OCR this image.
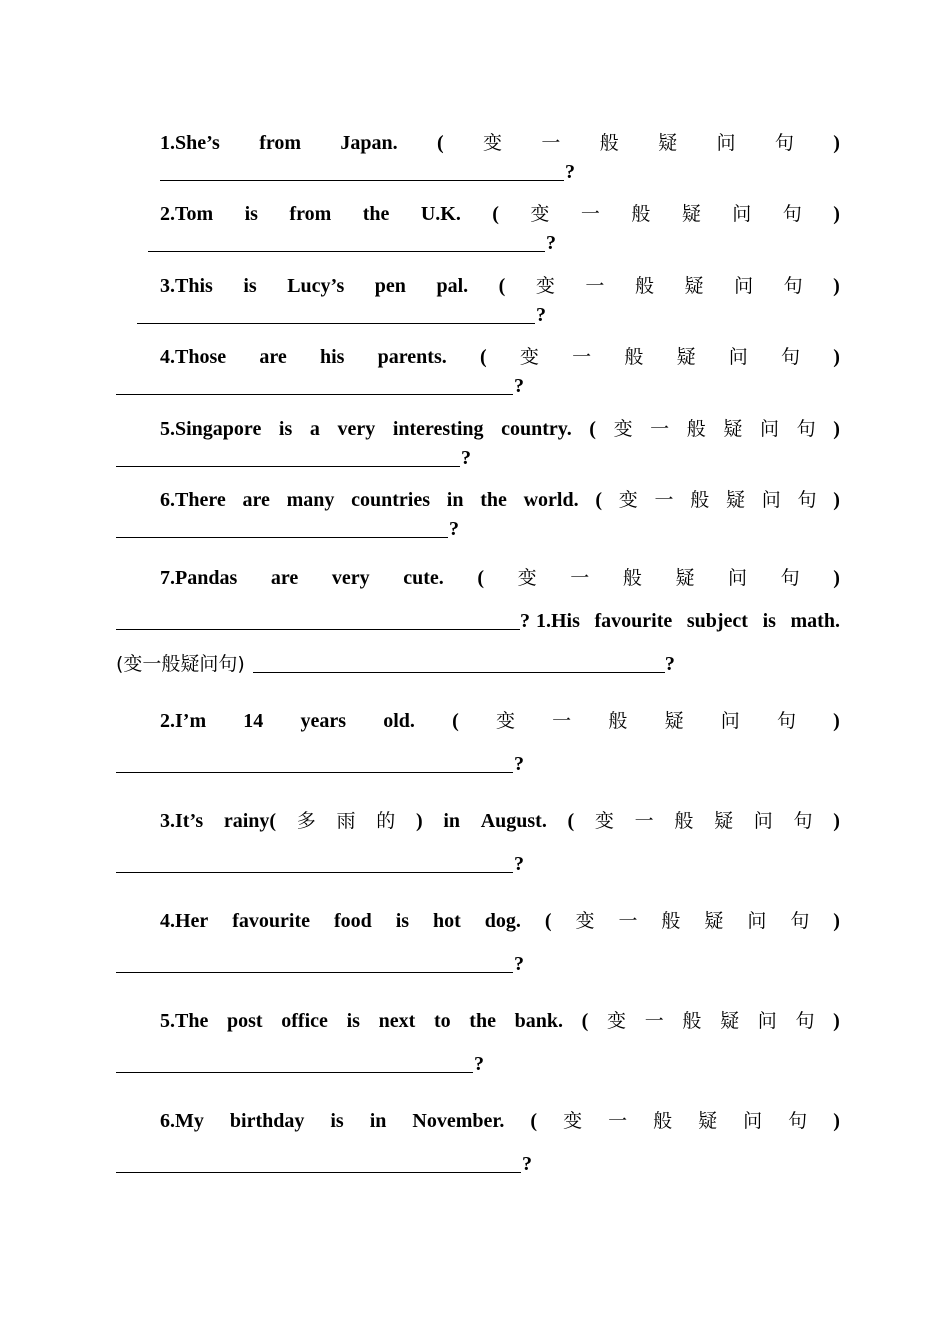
1.She’s from Japan. ( 变 一 般 疑 问 句 )
?
2.Tom is from the U.K. ( 变 一 般 疑 问 句 )
?
3.This is Lucy’s pen pal. ( 变 一 般 疑 问 句 )
?
4.Those are his parents. ( 变 一 般 疑 问 句 )
?
5.Singapore is a very interesting country. ( 变 一 般 疑 问 句 )
?
6.There are many countries in the world. ( 变 一 般 疑 问 句 )
?
7.Pandas are very cute. ( 变 一 般 疑 问 句 )
? 1.His favourite subject is math.
(变一般疑问句)	?
2.I’m 14 years old. ( 变 一 般 疑 问 句 )
?
3.It’s rainy( 多 雨 的 ) in August. ( 变 一 般 疑 问 句 )
?
4.Her favourite food is hot dog. ( 变 一 般 疑 问 句 )
?
5.The post office is next to the bank. ( 变 一 般 疑 问 句 )
?
6.My birthday is in November. ( 变 一 般 疑 问 句 )
?
